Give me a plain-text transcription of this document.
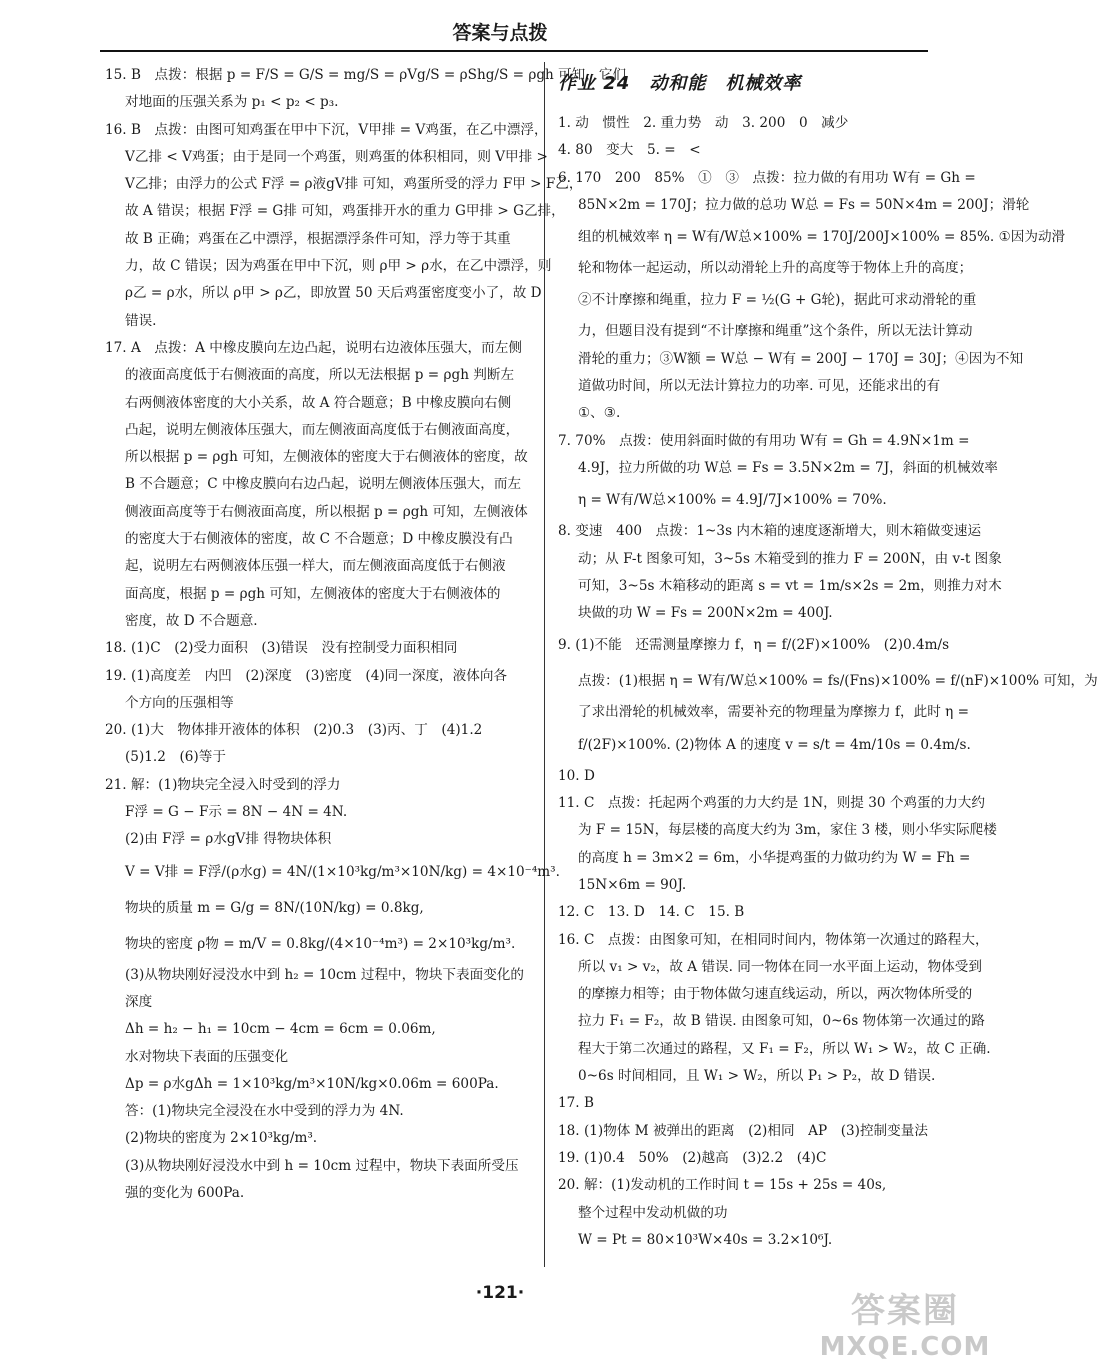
答案与点拨
15. B　点拨：根据 p = F/S = G/S = mg/S = ρVg/S = ρShg/S = ρgh 可知，它们
对地面的压强关系为 p₁ < p₂ < p₃.
16. B　点拨：由图可知鸡蛋在甲中下沉，V甲排 = V鸡蛋，在乙中漂浮，
V乙排 < V鸡蛋；由于是同一个鸡蛋，则鸡蛋的体积相同，则 V甲排 >
V乙排；由浮力的公式 F浮 = ρ液gV排 可知，鸡蛋所受的浮力 F甲 > F乙，
故 A 错误；根据 F浮 = G排 可知，鸡蛋排开水的重力 G甲排 > G乙排，
故 B 正确；鸡蛋在乙中漂浮，根据漂浮条件可知，浮力等于其重
力，故 C 错误；因为鸡蛋在甲中下沉，则 ρ甲 > ρ水，在乙中漂浮，则
ρ乙 = ρ水，所以 ρ甲 > ρ乙，即放置 50 天后鸡蛋密度变小了，故 D
错误.
17. A　点拨：A 中橡皮膜向左边凸起，说明右边液体压强大，而左侧
的液面高度低于右侧液面的高度，所以无法根据 p = ρgh 判断左
右两侧液体密度的大小关系，故 A 符合题意；B 中橡皮膜向右侧
凸起，说明左侧液体压强大，而左侧液面高度低于右侧液面高度，
所以根据 p = ρgh 可知，左侧液体的密度大于右侧液体的密度，故
B 不合题意；C 中橡皮膜向右边凸起，说明左侧液体压强大，而左
侧液面高度等于右侧液面高度，所以根据 p = ρgh 可知，左侧液体
的密度大于右侧液体的密度，故 C 不合题意；D 中橡皮膜没有凸
起，说明左右两侧液体压强一样大，而左侧液面高度低于右侧液
面高度，根据 p = ρgh 可知，左侧液体的密度大于右侧液体的
密度，故 D 不合题意.
18. (1)C　(2)受力面积　(3)错误　没有控制受力面积相同
19. (1)高度差　内凹　(2)深度　(3)密度　(4)同一深度，液体向各
个方向的压强相等
20. (1)大　物体排开液体的体积　(2)0.3　(3)丙、丁　(4)1.2
(5)1.2　(6)等于
21. 解：(1)物块完全浸入时受到的浮力
F浮 = G − F示 = 8N − 4N = 4N.
(2)由 F浮 = ρ水gV排 得物块体积
V = V排 = F浮/(ρ水g) = 4N/(1×10³kg/m³×10N/kg) = 4×10⁻⁴m³.
物块的质量 m = G/g = 8N/(10N/kg) = 0.8kg,
物块的密度 ρ物 = m/V = 0.8kg/(4×10⁻⁴m³) = 2×10³kg/m³.
(3)从物块刚好浸没水中到 h₂ = 10cm 过程中，物块下表面变化的
深度
Δh = h₂ − h₁ = 10cm − 4cm = 6cm = 0.06m,
水对物块下表面的压强变化
Δp = ρ水gΔh = 1×10³kg/m³×10N/kg×0.06m = 600Pa.
答：(1)物块完全浸没在水中受到的浮力为 4N.
(2)物块的密度为 2×10³kg/m³.
(3)从物块刚好浸没水中到 h = 10cm 过程中，物块下表面所受压
强的变化为 600Pa.
作业 24　动和能　机械效率
1. 动　惯性　2. 重力势　动　3. 200　0　减少
4. 80　变大　5. =　<
6. 170　200　85%　①　③　点拨：拉力做的有用功 W有 = Gh =
85N×2m = 170J；拉力做的总功 W总 = Fs = 50N×4m = 200J；滑轮
组的机械效率 η = W有/W总×100% = 170J/200J×100% = 85%. ①因为动滑
轮和物体一起运动，所以动滑轮上升的高度等于物体上升的高度；
②不计摩擦和绳重，拉力 F = ½(G + G轮)，据此可求动滑轮的重
力，但题目没有提到“不计摩擦和绳重”这个条件，所以无法计算动
滑轮的重力；③W额 = W总 − W有 = 200J − 170J = 30J；④因为不知
道做功时间，所以无法计算拉力的功率. 可见，还能求出的有
①、③.
7. 70%　点拨：使用斜面时做的有用功 W有 = Gh = 4.9N×1m =
4.9J，拉力所做的功 W总 = Fs = 3.5N×2m = 7J，斜面的机械效率
η = W有/W总×100% = 4.9J/7J×100% = 70%.
8. 变速　400　点拨：1~3s 内木箱的速度逐渐增大，则木箱做变速运
动；从 F-t 图象可知，3~5s 木箱受到的推力 F = 200N，由 v-t 图象
可知，3~5s 木箱移动的距离 s = vt = 1m/s×2s = 2m，则推力对木
块做的功 W = Fs = 200N×2m = 400J.
9. (1)不能　还需测量摩擦力 f，η = f/(2F)×100%　(2)0.4m/s
点拨：(1)根据 η = W有/W总×100% = fs/(Fns)×100% = f/(nF)×100% 可知，为
了求出滑轮的机械效率，需要补充的物理量为摩擦力 f，此时 η =
f/(2F)×100%. (2)物体 A 的速度 v = s/t = 4m/10s = 0.4m/s.
10. D
11. C　点拨：托起两个鸡蛋的力大约是 1N，则提 30 个鸡蛋的力大约
为 F = 15N，每层楼的高度大约为 3m，家住 3 楼，则小华实际爬楼
的高度 h = 3m×2 = 6m，小华提鸡蛋的力做功约为 W = Fh =
15N×6m = 90J.
12. C　13. D　14. C　15. B
16. C　点拨：由图象可知，在相同时间内，物体第一次通过的路程大，
所以 v₁ > v₂，故 A 错误. 同一物体在同一水平面上运动，物体受到
的摩擦力相等；由于物体做匀速直线运动，所以，两次物体所受的
拉力 F₁ = F₂，故 B 错误. 由图象可知，0~6s 物体第一次通过的路
程大于第二次通过的路程，又 F₁ = F₂，所以 W₁ > W₂，故 C 正确.
0~6s 时间相同，且 W₁ > W₂，所以 P₁ > P₂，故 D 错误.
17. B
18. (1)物体 M 被弹出的距离　(2)相同　AP　(3)控制变量法
19. (1)0.4　50%　(2)越高　(3)2.2　(4)C
20. 解：(1)发动机的工作时间 t = 15s + 25s = 40s,
整个过程中发动机做的功
W = Pt = 80×10³W×40s = 3.2×10⁶J.
·121·	答案圈
MXQE.COM
